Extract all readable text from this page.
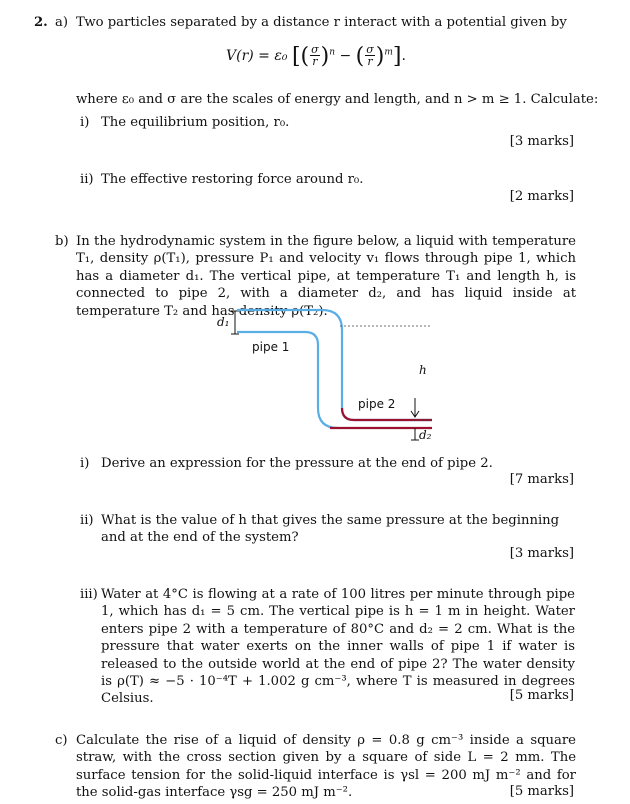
2. a) Two particles separated by a distance r interact with a potential given by
V(r) = ε₀ [( $\frac{\sigma}{r} )^n$ − ( $\frac{\sigma}{r} )^m$].
where ε₀ and σ are the scales of energy and length, and n > m ≥ 1. Calculate:
i) The equilibrium position, r₀.
[3 marks]
ii) The effective restoring force around r₀.
[2 marks]
b) In the hydrodynamic system in the figure below, a liquid with temperature T₁, density ρ(T₁), pressure P₁ and velocity v₁ flows through pipe 1, which has a diameter d₁. The vertical pipe, at temperature T₁ and length h, is connected to pipe 2, with a diameter d₂, and has liquid inside at temperature T₂ and has density ρ(T₂).
d₁
pipe 1
h
pipe 2
d₂
i) Derive an expression for the pressure at the end of pipe 2.
[7 marks]
ii) What is the value of h that gives the same pressure at the beginning and at the end of the system?
[3 marks]
iii) Water at 4°C is flowing at a rate of 100 litres per minute through pipe 1, which has d₁ = 5 cm. The vertical pipe is h = 1 m in height. Water enters pipe 2 with a temperature of 80°C and d₂ = 2 cm. What is the pressure that water exerts on the inner walls of pipe 1 if water is released to the outside world at the end of pipe 2? The water density is ρ(T) ≈ −5 · 10⁻⁴T + 1.002 g cm⁻³, where T is measured in degrees Celsius.	[5 marks]
c) Calculate the rise of a liquid of density ρ = 0.8 g cm⁻³ inside a square straw, with the cross section given by a square of side L = 2 mm. The surface tension for the solid-liquid interface is γsl = 200 mJ m⁻² and for the solid-gas interface γsg = 250 mJ m⁻².	[5 marks]
